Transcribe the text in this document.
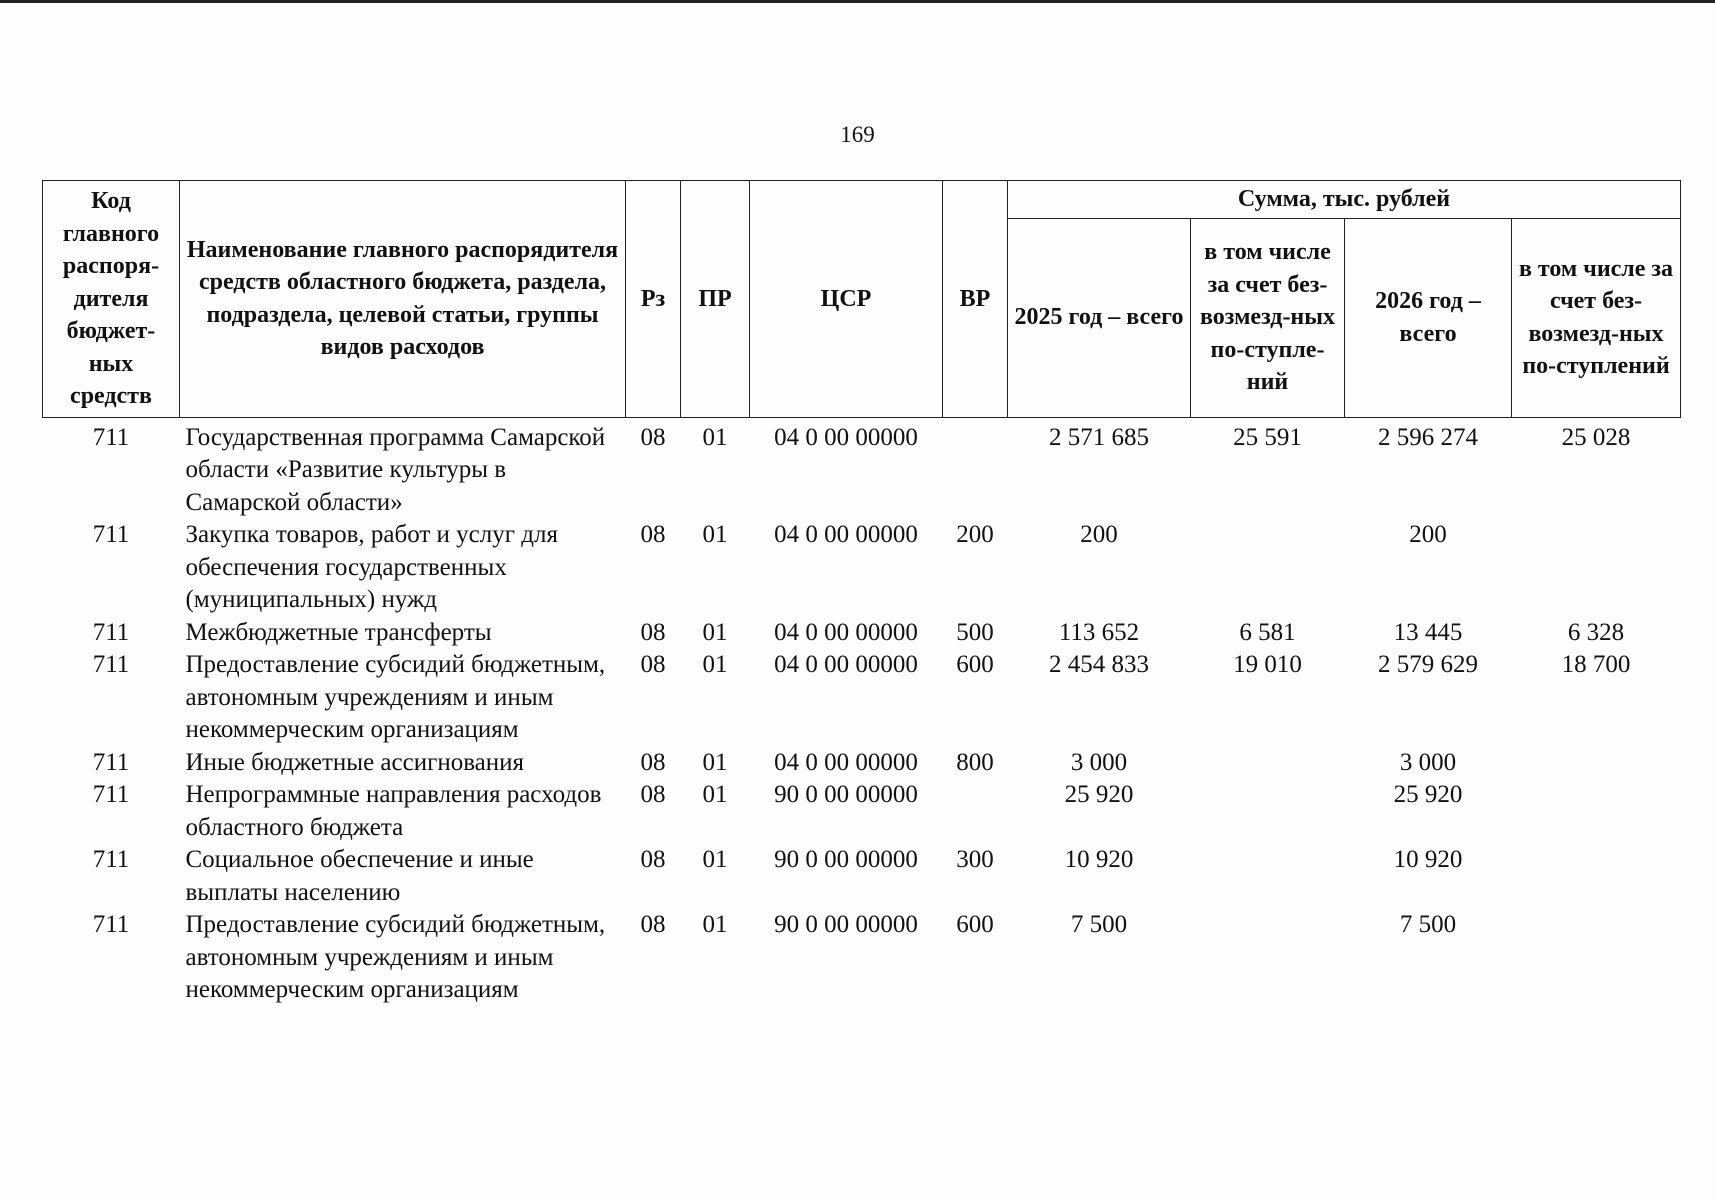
169
Код главного распоря-дителя бюджет-ных средств	Наименование главного распорядителя средств областного бюджета, раздела, подраздела, целевой статьи, группы видов расходов	Рз	ПР	ЦСР	ВР	Сумма, тыс. рублей			
						2025 год – всего	в том числе за счет без-возмезд-ных по-ступле-ний	2026 год – всего	в том числе за счет без-возмезд-ных по-ступлений
711	Государственная программа Самарской области «Развитие культуры в Самарской области»	08	01	04 0 00 00000		2 571 685	25 591	2 596 274	25 028
711	Закупка товаров, работ и услуг для обеспечения государственных (муниципальных) нужд	08	01	04 0 00 00000	200	200		200	
711	Межбюджетные трансферты	08	01	04 0 00 00000	500	113 652	6 581	13 445	6 328
711	Предоставление субсидий бюджетным, автономным учреждениям и иным некоммерческим организациям	08	01	04 0 00 00000	600	2 454 833	19 010	2 579 629	18 700
711	Иные бюджетные ассигнования	08	01	04 0 00 00000	800	3 000		3 000	
711	Непрограммные направления расходов областного бюджета	08	01	90 0 00 00000		25 920		25 920	
711	Социальное обеспечение и иные выплаты населению	08	01	90 0 00 00000	300	10 920		10 920	
711	Предоставление субсидий бюджетным, автономным учреждениям и иным некоммерческим организациям	08	01	90 0 00 00000	600	7 500		7 500	
